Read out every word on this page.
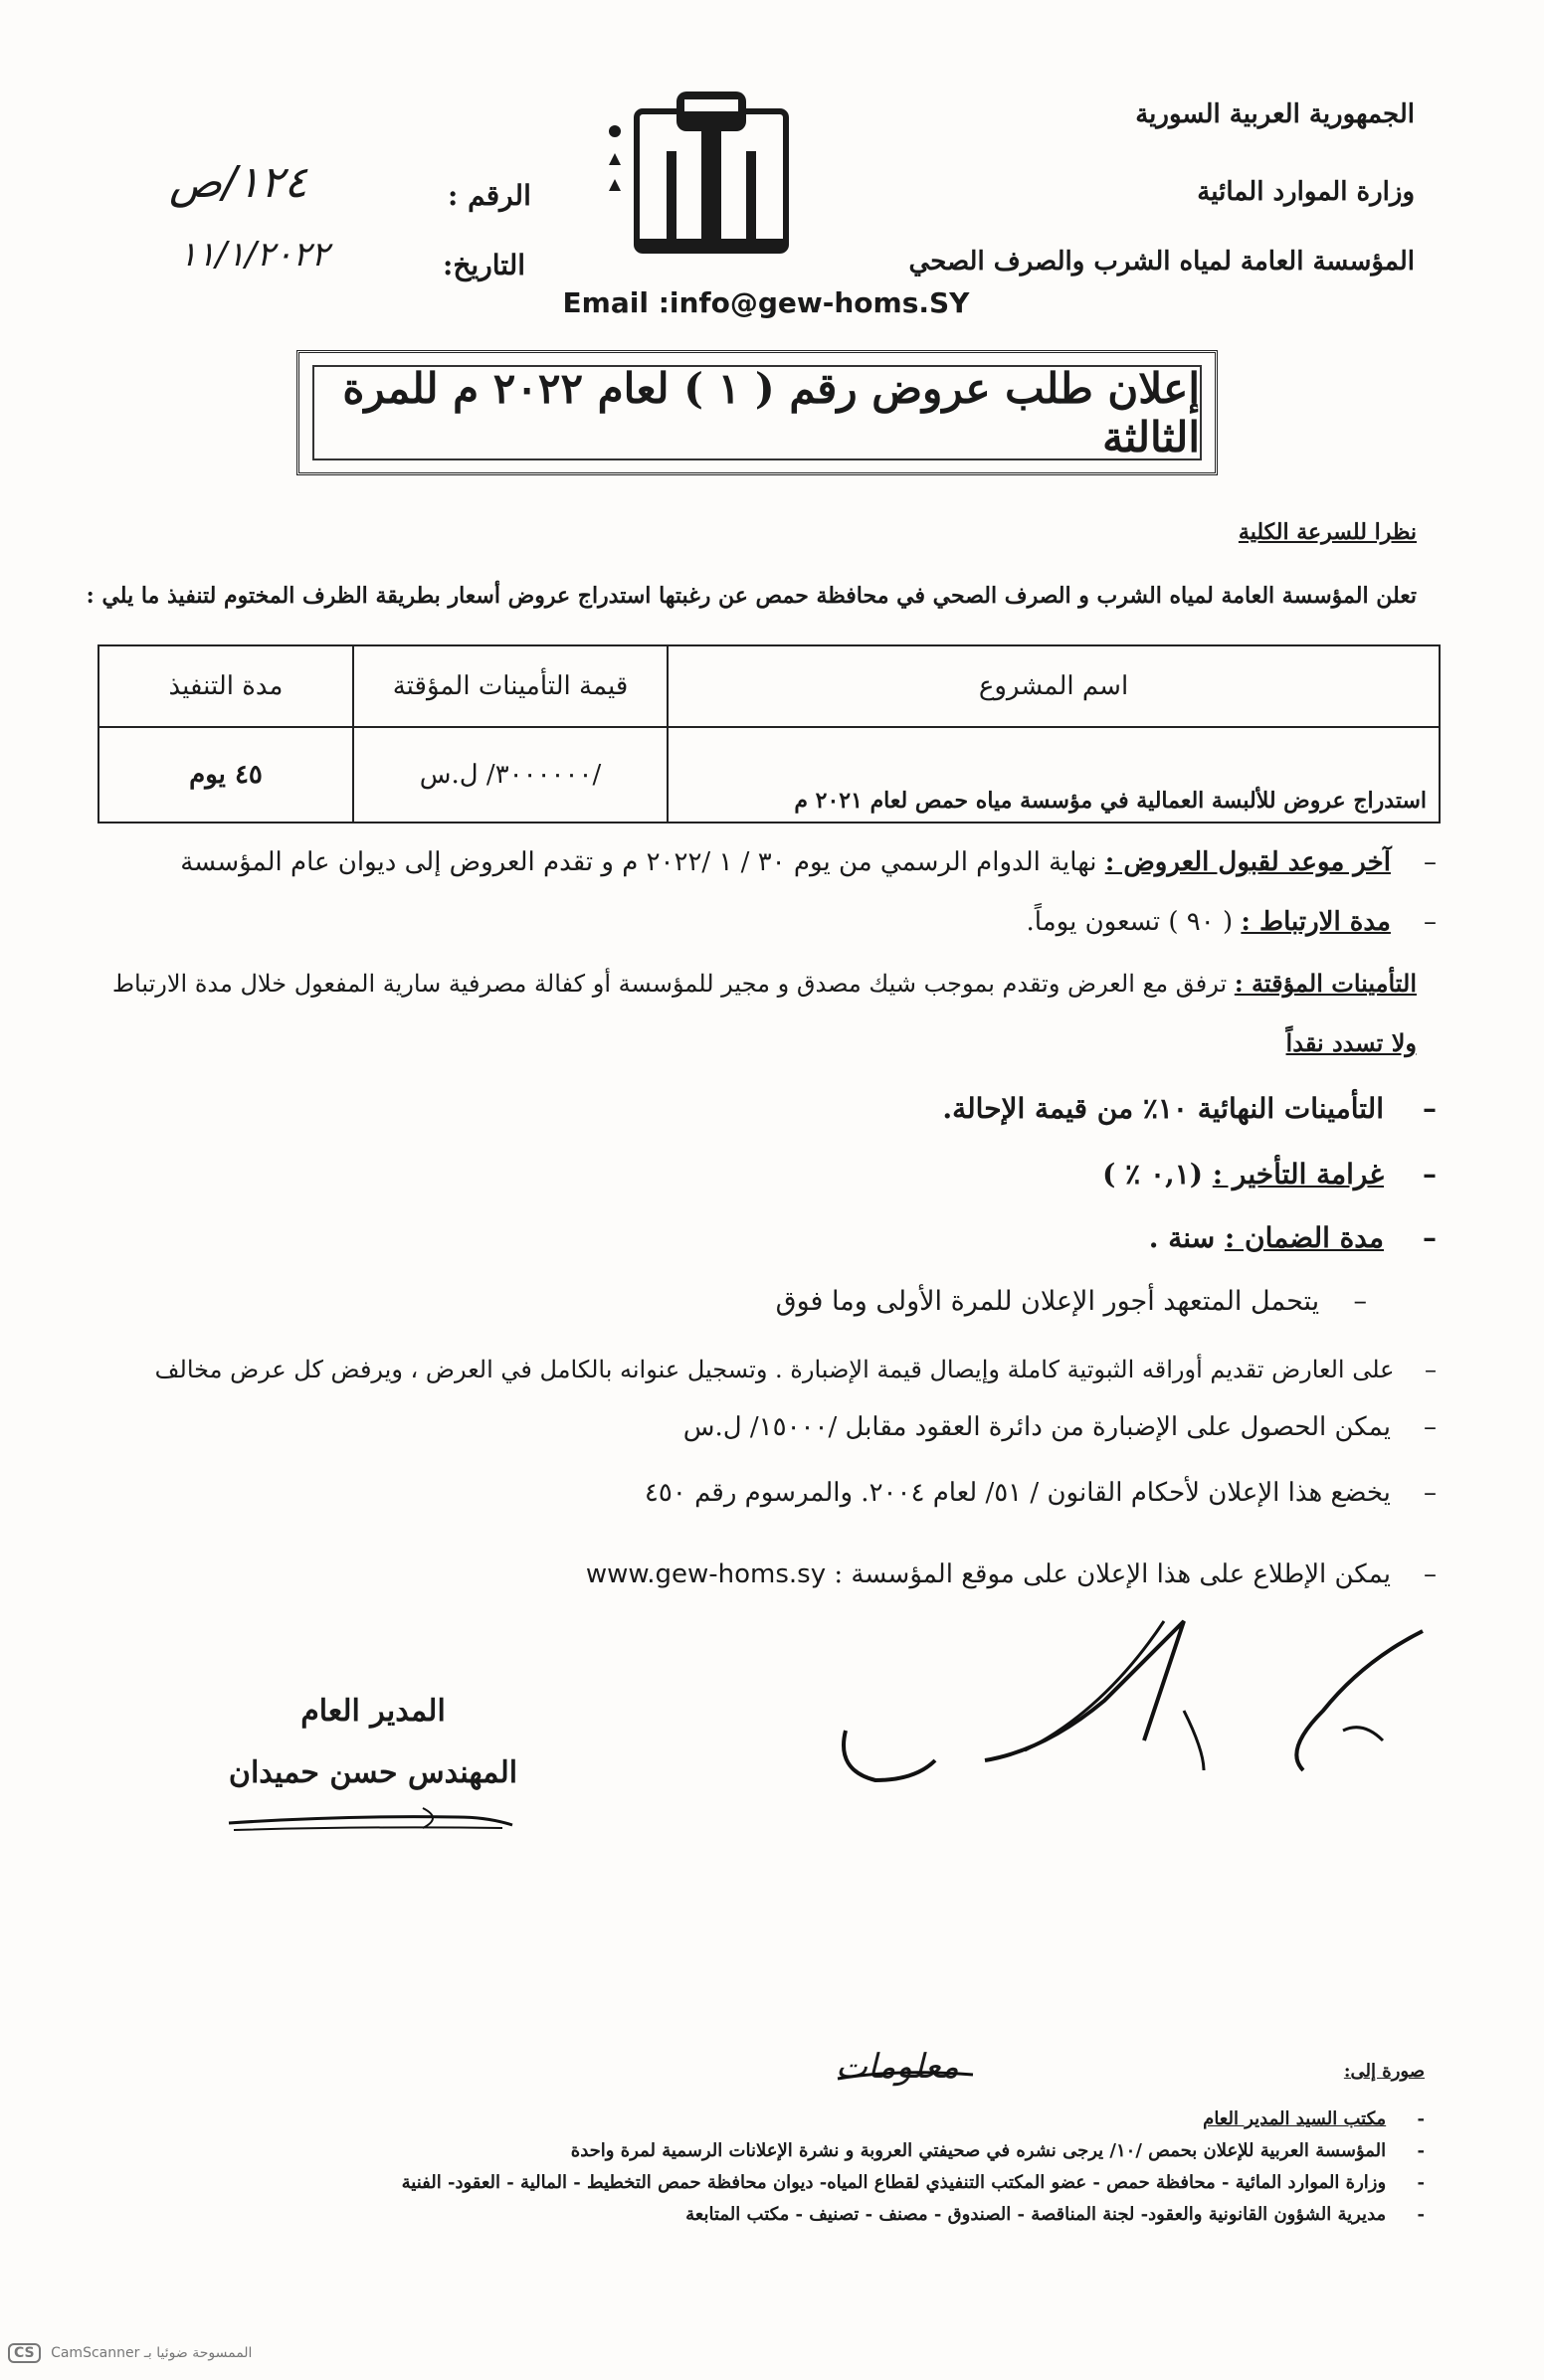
الجمهورية العربية السورية
وزارة الموارد المائية
المؤسسة العامة لمياه الشرب والصرف الصحي
الرقم :
١٢٤/ص
التاريخ:
١١/١/٢٠٢٢
Email :info@gew-homs.SY
إعلان طلب عروض رقم ( ١ ) لعام ٢٠٢٢ م للمرة الثالثة
نظرا للسرعة الكلية
تعلن المؤسسة العامة لمياه الشرب و الصرف الصحي في محافظة حمص عن رغبتها استدراج عروض أسعار بطريقة الظرف المختوم لتنفيذ ما يلي :
اسم المشروع	قيمة التأمينات المؤقتة	مدة التنفيذ
استدراج عروض للألبسة العمالية في مؤسسة مياه حمص لعام ٢٠٢١ م	/٣٠٠٠٠٠٠/ ل.س	٤٥ يوم
–    آخر موعد لقبول العروض : نهاية الدوام الرسمي من يوم ٣٠ / ١ /٢٠٢٢ م و تقدم العروض إلى ديوان عام المؤسسة
–    مدة الارتباط : ( ٩٠ ) تسعون يوماً.
التأمينات المؤقتة : ترفق مع العرض وتقدم بموجب شيك مصدق و مجير للمؤسسة أو كفالة مصرفية سارية المفعول خلال مدة الارتباط
ولا تسدد نقداً
–    التأمينات النهائية ١٠٪ من قيمة الإحالة.
–    غرامة التأخير : (٠,١ ٪ )
–    مدة الضمان : سنة .
–    يتحمل المتعهد أجور الإعلان للمرة الأولى وما فوق
–    على العارض تقديم أوراقه الثبوتية كاملة وإيصال قيمة الإضبارة . وتسجيل عنوانه بالكامل في العرض ، ويرفض كل عرض مخالف
–    يمكن الحصول على الإضبارة من دائرة العقود مقابل /١٥٠٠٠/ ل.س
–    يخضع هذا الإعلان لأحكام القانون / ٥١/ لعام ٢٠٠٤. والمرسوم رقم ٤٥٠
–    يمكن الإطلاع على هذا الإعلان على موقع المؤسسة : www.gew-homs.sy
المدير العام
المهندس حسن حميدان
صورة إلى:
معلومات
-     مكتب السيد المدير العام
-     المؤسسة العربية للإعلان بحمص /١٠/ يرجى نشره في صحيفتي العروبة و نشرة الإعلانات الرسمية لمرة واحدة
-     وزارة الموارد المائية - محافظة حمص - عضو المكتب التنفيذي لقطاع المياه- ديوان محافظة حمص التخطيط - المالية - العقود- الفنية
-     مديرية الشؤون القانونية والعقود- لجنة المناقصة - الصندوق - مصنف - تصنيف - مكتب المتابعة
CS CamScanner الممسوحة ضوئيا بـ
